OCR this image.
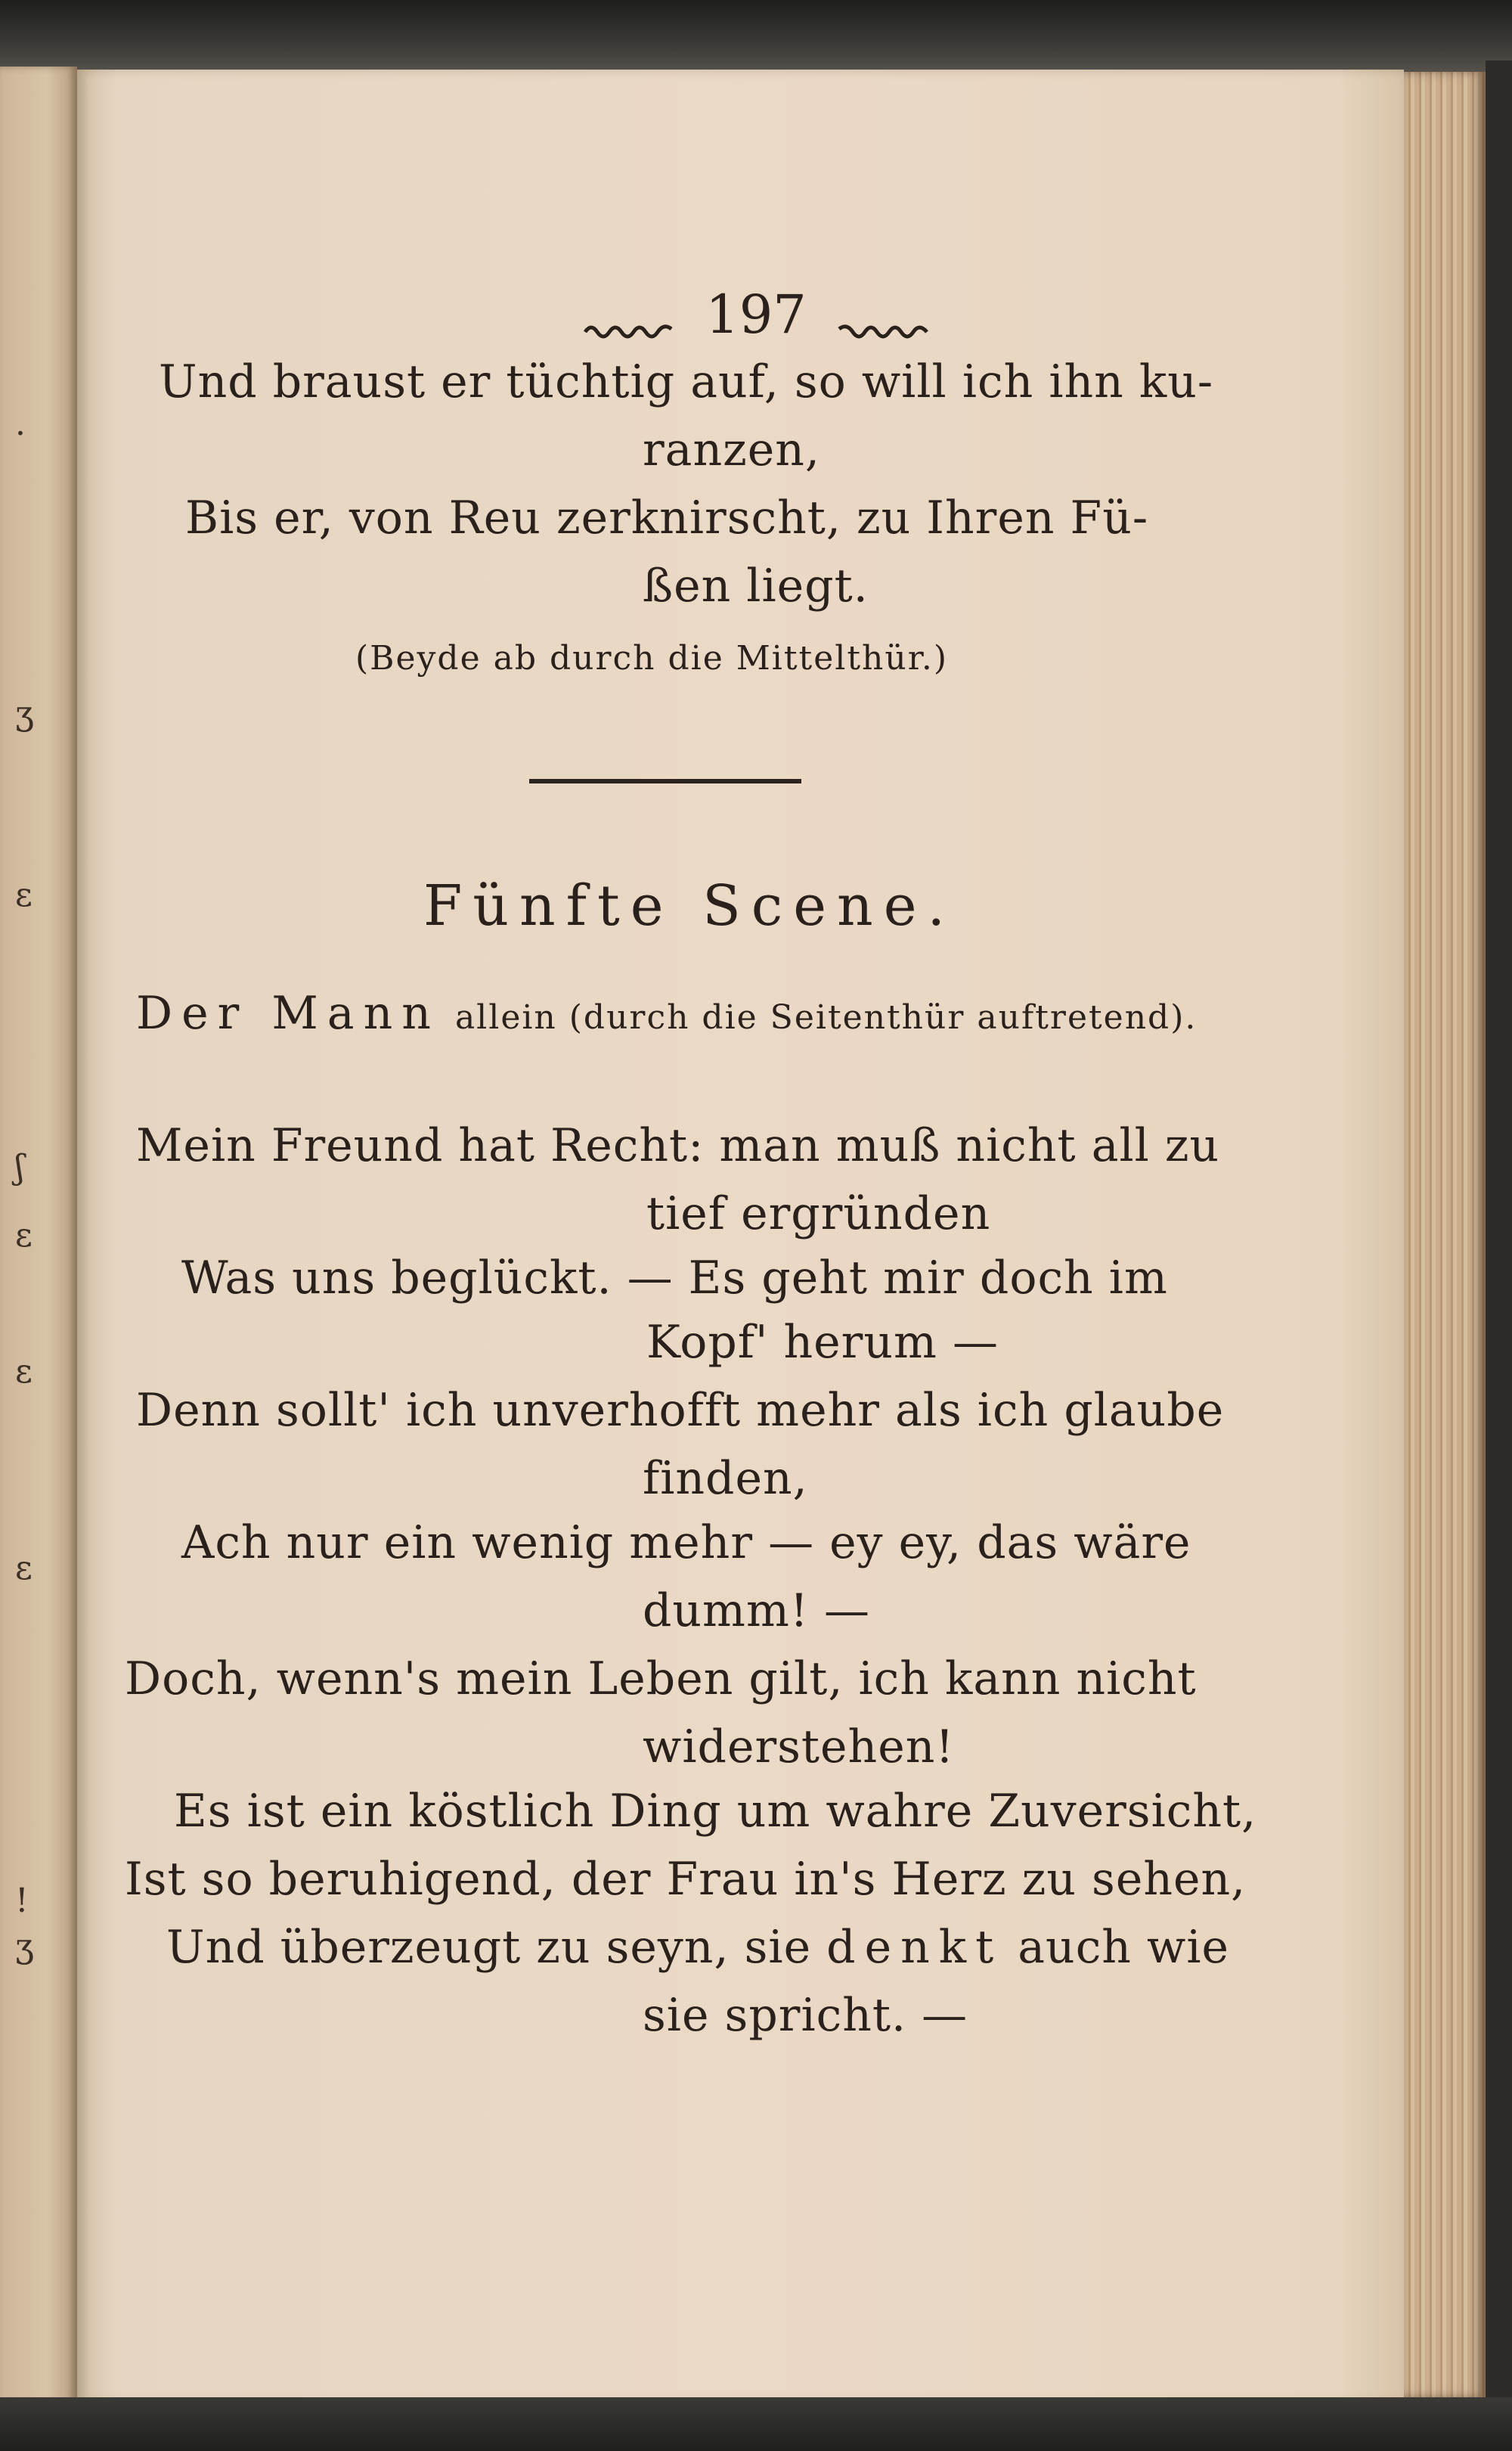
·
ʒ
ɛ
ʃ
ɛ
ɛ
ɛ
!
ʒ
197
Und braust er tüchtig auf, so will ich ihn ku-
ranzen,
Bis er, von Reu zerknirscht, zu Ihren Fü-
ßen liegt.
(Beyde ab durch die Mittelthür.)
Fünfte Scene.
Der Mann allein (durch die Seitenthür auftretend).
Mein Freund hat Recht: man muß nicht all zu
tief ergründen
Was uns beglückt. — Es geht mir doch im
Kopf' herum —
Denn sollt' ich unverhofft mehr als ich glaube
finden,
Ach nur ein wenig mehr — ey ey, das wäre
dumm! —
Doch, wenn's mein Leben gilt, ich kann nicht
widerstehen!
Es ist ein köstlich Ding um wahre Zuversicht,
Ist so beruhigend, der Frau in's Herz zu sehen,
Und überzeugt zu seyn, sie denkt auch wie
sie spricht. —
